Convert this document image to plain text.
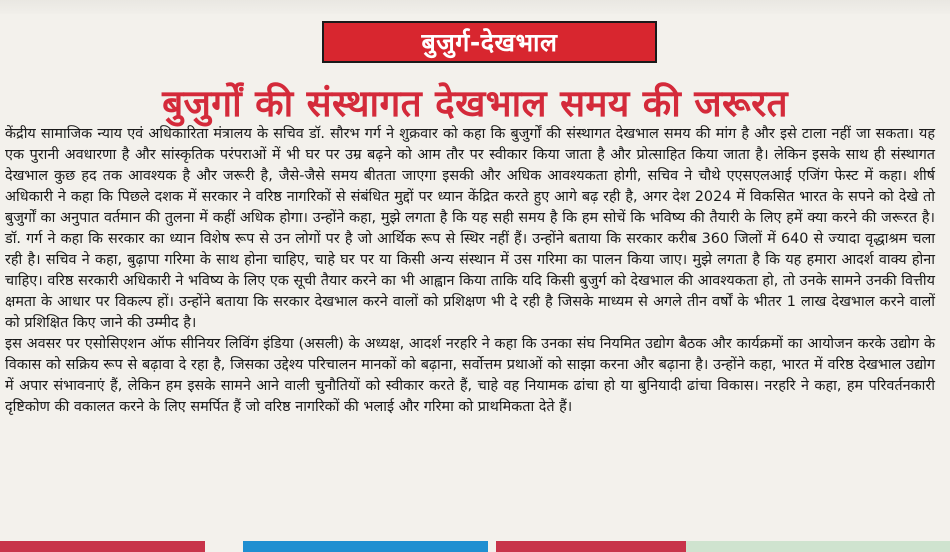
बुजुर्ग-देखभाल
बुजुर्गों की संस्थागत देखभाल समय की जरूरत

केंद्रीय सामाजिक न्याय एवं अधिकारिता मंत्रालय के सचिव डॉ. सौरभ गर्ग ने शुक्रवार को कहा कि बुजुर्गों की संस्थागत देखभाल समय की मांग है और इसे टाला नहीं जा सकता। यह एक पुरानी अवधारणा है और सांस्कृतिक परंपराओं में भी घर पर उम्र बढ़ने को आम तौर पर स्वीकार किया जाता है और प्रोत्साहित किया जाता है। लेकिन इसके साथ ही संस्थागत देखभाल कुछ हद तक आवश्यक है और जरूरी है, जैसे-जैसे समय बीतता जाएगा इसकी और अधिक आवश्यकता होगी, सचिव ने चौथे एएसएलआई एजिंग फेस्ट में कहा। शीर्ष अधिकारी ने कहा कि पिछले दशक में सरकार ने वरिष्ठ नागरिकों से संबंधित मुद्दों पर ध्यान केंद्रित करते हुए आगे बढ़ रही है, अगर देश 2024 में विकसित भारत के सपने को देखे तो बुजुर्गों का अनुपात वर्तमान की तुलना में कहीं अधिक होगा। उन्होंने कहा, मुझे लगता है कि यह सही समय है कि हम सोचें कि भविष्य की तैयारी के लिए हमें क्या करने की जरूरत है। डॉ. गर्ग ने कहा कि सरकार का ध्यान विशेष रूप से उन लोगों पर है जो आर्थिक रूप से स्थिर नहीं हैं। उन्होंने बताया कि सरकार करीब 360 जिलों में 640 से ज्यादा वृद्धाश्रम चला रही है। सचिव ने कहा, बुढ़ापा गरिमा के साथ होना चाहिए, चाहे घर पर या किसी अन्य संस्थान में उस गरिमा का पालन किया जाए। मुझे लगता है कि यह हमारा आदर्श वाक्य होना चाहिए। वरिष्ठ सरकारी अधिकारी ने भविष्य के लिए एक सूची तैयार करने का भी आह्वान किया ताकि यदि किसी बुजुर्ग को देखभाल की आवश्यकता हो, तो उनके सामने उनकी वित्तीय क्षमता के आधार पर विकल्प हों। उन्होंने बताया कि सरकार देखभाल करने वालों को प्रशिक्षण भी दे रही है जिसके माध्यम से अगले तीन वर्षों के भीतर 1 लाख देखभाल करने वालों को प्रशिक्षित किए जाने की उम्मीद है।

इस अवसर पर एसोसिएशन ऑफ सीनियर लिविंग इंडिया (असली) के अध्यक्ष, आदर्श नरहरि ने कहा कि उनका संघ नियमित उद्योग बैठक और कार्यक्रमों का आयोजन करके उद्योग के विकास को सक्रिय रूप से बढ़ावा दे रहा है, जिसका उद्देश्य परिचालन मानकों को बढ़ाना, सर्वोत्तम प्रथाओं को साझा करना और बढ़ाना है। उन्होंने कहा, भारत में वरिष्ठ देखभाल उद्योग में अपार संभावनाएं हैं, लेकिन हम इसके सामने आने वाली चुनौतियों को स्वीकार करते हैं, चाहे वह नियामक ढांचा हो या बुनियादी ढांचा विकास। नरहरि ने कहा, हम परिवर्तनकारी दृष्टिकोण की वकालत करने के लिए समर्पित हैं जो वरिष्ठ नागरिकों की भलाई और गरिमा को प्राथमिकता देते हैं।
